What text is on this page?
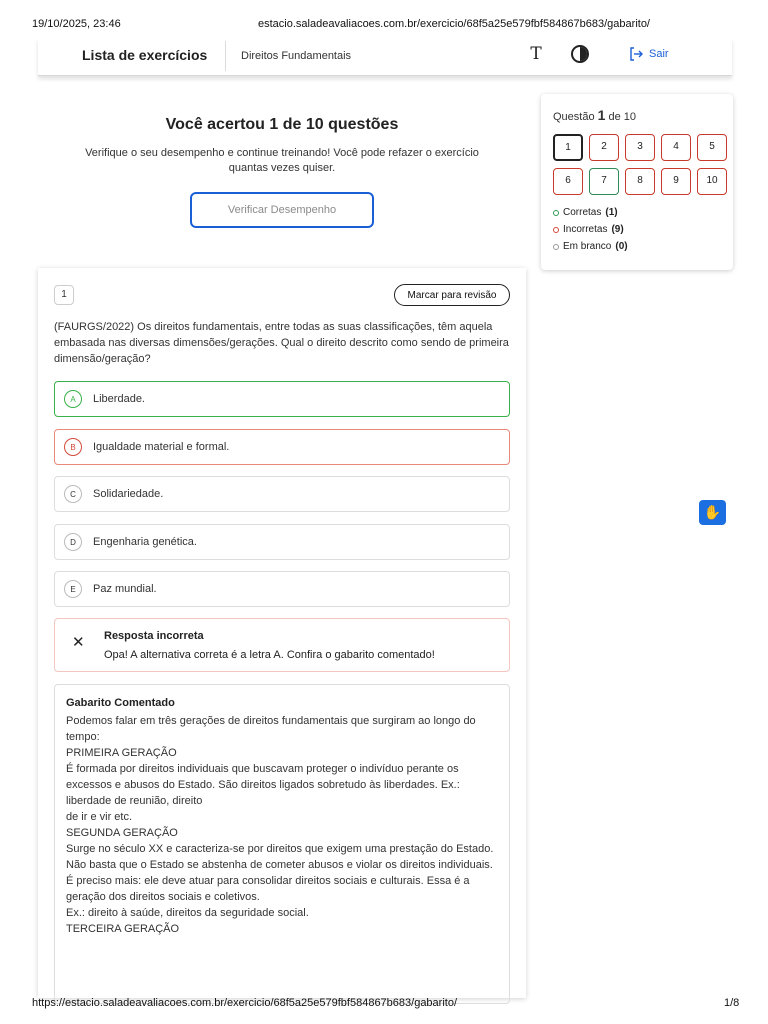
19/10/2025, 23:46	estacio.saladeavaliacoes.com.br/exercicio/68f5a25e579fbf584867b683/gabarito/
Lista de exercícios	Direitos Fundamentais	T	Sair
Você acertou 1 de 10 questões

Verifique o seu desempenho e continue treinando! Você pode refazer o exercício quantas vezes quiser.

Verificar Desempenho
Questão 1 de 10
1	2	3	4	5
6	7	8	9	10
Corretas (1)
Incorretas (9)
Em branco (0)
1	Marcar para revisão
(FAURGS/2022) Os direitos fundamentais, entre todas as suas classificações, têm aquela embasada nas diversas dimensões/gerações. Qual o direito descrito como sendo de primeira dimensão/geração?
A	Liberdade.
B	Igualdade material e formal.
C	Solidariedade.
D	Engenharia genética.
E	Paz mundial.
✕ Resposta incorreta
Opa! A alternativa correta é a letra A. Confira o gabarito comentado!
Gabarito Comentado
Podemos falar em três gerações de direitos fundamentais que surgiram ao longo do tempo:
PRIMEIRA GERAÇÃO
É formada por direitos individuais que buscavam proteger o indivíduo perante os excessos e abusos do Estado. São direitos ligados sobretudo às liberdades. Ex.: liberdade de reunião, direito
de ir e vir etc.
SEGUNDA GERAÇÃO
Surge no século XX e caracteriza-se por direitos que exigem uma prestação do Estado. Não basta que o Estado se abstenha de cometer abusos e violar os direitos individuais. É preciso mais: ele deve atuar para consolidar direitos sociais e culturais. Essa é a geração dos direitos sociais e coletivos.
Ex.: direito à saúde, direitos da seguridade social.
TERCEIRA GERAÇÃO
✋
https://estacio.saladeavaliacoes.com.br/exercicio/68f5a25e579fbf584867b683/gabarito/	1/8
